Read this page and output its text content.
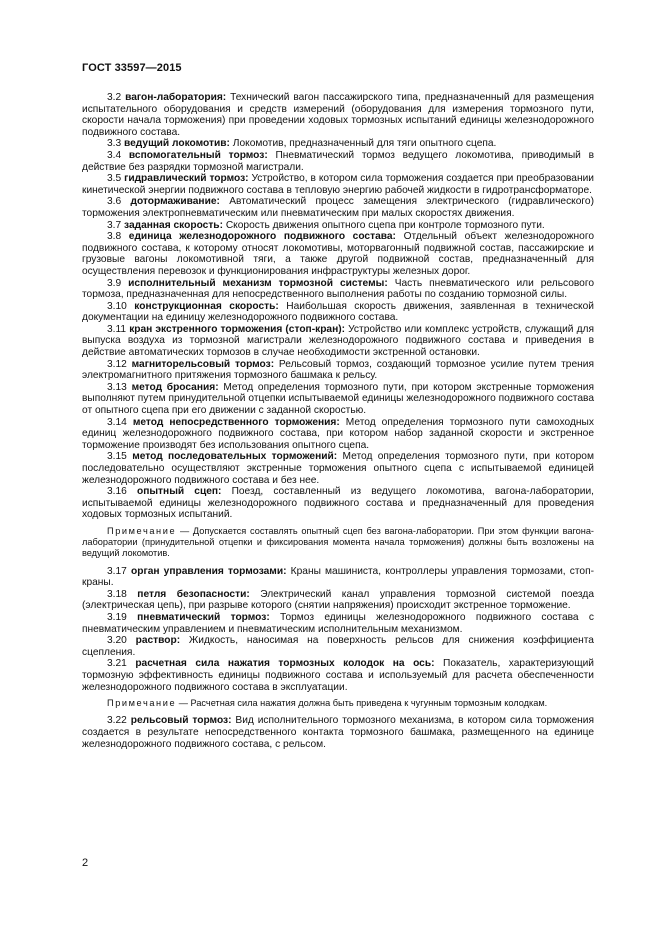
ГОСТ 33597—2015

3.2 вагон-лаборатория: Технический вагон пассажирского типа, предназначенный для размещения испытательного оборудования и средств измерений (оборудования для измерения тормозного пути, скорости начала торможения) при проведении ходовых тормозных испытаний единицы железнодорожного подвижного состава.

3.3 ведущий локомотив: Локомотив, предназначенный для тяги опытного сцепа.

3.4 вспомогательный тормоз: Пневматический тормоз ведущего локомотива, приводимый в действие без разрядки тормозной магистрали.

3.5 гидравлический тормоз: Устройство, в котором сила торможения создается при преобразовании кинетической энергии подвижного состава в тепловую энергию рабочей жидкости в гидротрансформаторе.

3.6 дотормаживание: Автоматический процесс замещения электрического (гидравлического) торможения электропневматическим или пневматическим при малых скоростях движения.

3.7 заданная скорость: Скорость движения опытного сцепа при контроле тормозного пути.

3.8 единица железнодорожного подвижного состава: Отдельный объект железнодорожного подвижного состава, к которому относят локомотивы, моторвагонный подвижной состав, пассажирские и грузовые вагоны локомотивной тяги, а также другой подвижной состав, предназначенный для осуществления перевозок и функционирования инфраструктуры железных дорог.

3.9 исполнительный механизм тормозной системы: Часть пневматического или рельсового тормоза, предназначенная для непосредственного выполнения работы по созданию тормозной силы.

3.10 конструкционная скорость: Наибольшая скорость движения, заявленная в технической документации на единицу железнодорожного подвижного состава.

3.11 кран экстренного торможения (стоп-кран): Устройство или комплекс устройств, служащий для выпуска воздуха из тормозной магистрали железнодорожного подвижного состава и приведения в действие автоматических тормозов в случае необходимости экстренной остановки.

3.12 магниторельсовый тормоз: Рельсовый тормоз, создающий тормозное усилие путем трения электромагнитного притяжения тормозного башмака к рельсу.

3.13 метод бросания: Метод определения тормозного пути, при котором экстренные торможения выполняют путем принудительной отцепки испытываемой единицы железнодорожного подвижного состава от опытного сцепа при его движении с заданной скоростью.

3.14 метод непосредственного торможения: Метод определения тормозного пути самоходных единиц железнодорожного подвижного состава, при котором набор заданной скорости и экстренное торможение производят без использования опытного сцепа.

3.15 метод последовательных торможений: Метод определения тормозного пути, при котором последовательно осуществляют экстренные торможения опытного сцепа с испытываемой единицей железнодорожного подвижного состава и без нее.

3.16 опытный сцеп: Поезд, составленный из ведущего локомотива, вагона-лаборатории, испытываемой единицы железнодорожного подвижного состава и предназначенный для проведения ходовых тормозных испытаний.

Примечание — Допускается составлять опытный сцеп без вагона-лаборатории. При этом функции вагона-лаборатории (принудительной отцепки и фиксирования момента начала торможения) должны быть возложены на ведущий локомотив.

3.17 орган управления тормозами: Краны машиниста, контроллеры управления тормозами, стоп-краны.

3.18 петля безопасности: Электрический канал управления тормозной системой поезда (электрическая цепь), при разрыве которого (снятии напряжения) происходит экстренное торможение.

3.19 пневматический тормоз: Тормоз единицы железнодорожного подвижного состава с пневматическим управлением и пневматическим исполнительным механизмом.

3.20 раствор: Жидкость, наносимая на поверхность рельсов для снижения коэффициента сцепления.

3.21 расчетная сила нажатия тормозных колодок на ось: Показатель, характеризующий тормозную эффективность единицы подвижного состава и используемый для расчета обеспеченности железнодорожного подвижного состава в эксплуатации.

Примечание — Расчетная сила нажатия должна быть приведена к чугунным тормозным колодкам.

3.22 рельсовый тормоз: Вид исполнительного тормозного механизма, в котором сила торможения создается в результате непосредственного контакта тормозного башмака, размещенного на единице железнодорожного подвижного состава, с рельсом.

2
